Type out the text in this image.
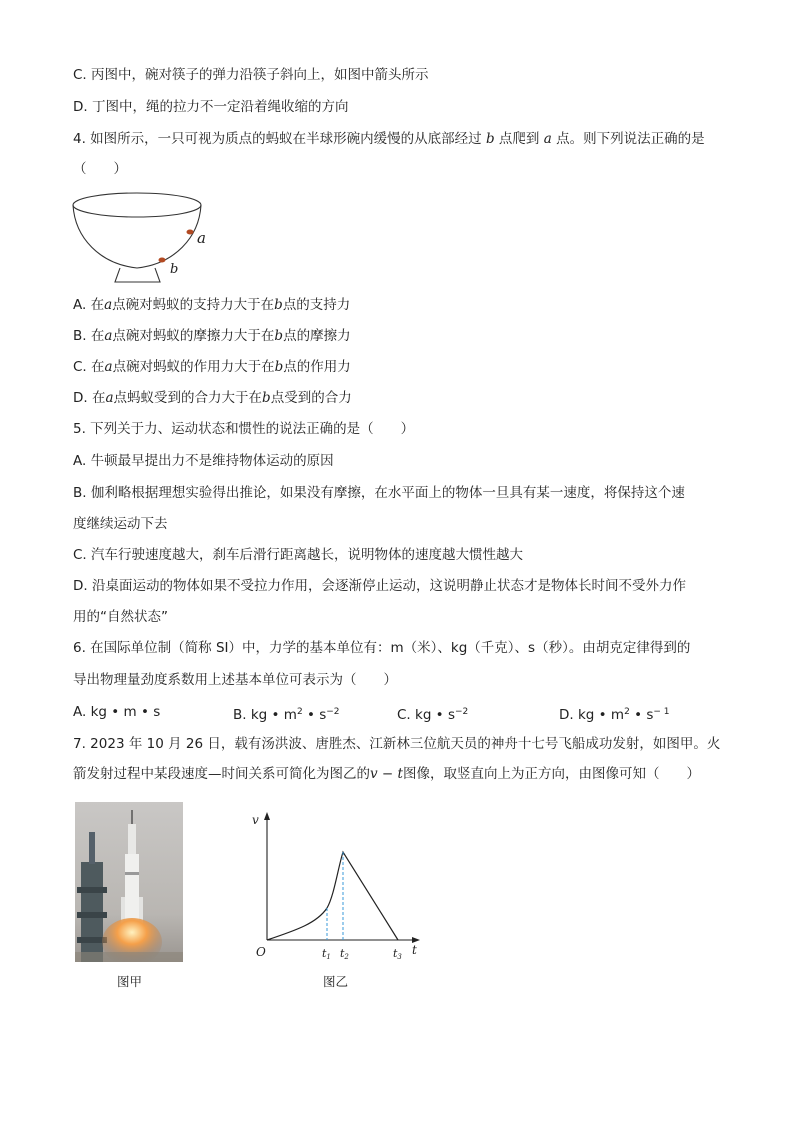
C. 丙图中，碗对筷子的弹力沿筷子斜向上，如图中箭头所示
D. 丁图中，绳的拉力不一定沿着绳收缩的方向
4. 如图所示，一只可视为质点的蚂蚁在半球形碗内缓慢的从底部经过 b 点爬到 a 点。则下列说法正确的是
（　　）
a
b
A. 在a点碗对蚂蚁的支持力大于在b点的支持力
B. 在a点碗对蚂蚁的摩擦力大于在b点的摩擦力
C. 在a点碗对蚂蚁的作用力大于在b点的作用力
D. 在a点蚂蚁受到的合力大于在b点受到的合力
5. 下列关于力、运动状态和惯性的说法正确的是（　　）
A. 牛顿最早提出力不是维持物体运动的原因
B. 伽利略根据理想实验得出推论，如果没有摩擦，在水平面上的物体一旦具有某一速度，将保持这个速
度继续运动下去
C. 汽车行驶速度越大，刹车后滑行距离越长，说明物体的速度越大惯性越大
D. 沿桌面运动的物体如果不受拉力作用，会逐渐停止运动，这说明静止状态才是物体长时间不受外力作
用的“自然状态”
6. 在国际单位制（简称 SI）中，力学的基本单位有：m（米）、kg（千克）、s（秒）。由胡克定律得到的
导出物理量劲度系数用上述基本单位可表示为（　　）
A. kg • m • s	B. kg • $m^2$ • $s^{-2}$	C. kg • $s^{-2}$	D. kg • $m^2$ • $s^{- 1}$
7. 2023 年 10 月 26 日，载有汤洪波、唐胜杰、江新林三位航天员的神舟十七号飞船成功发射，如图甲。火
箭发射过程中某段速度—时间关系可简化为图乙的v − t图像，取竖直向上为正方向，由图像可知（　　）
图甲
v
t
O	t1 t2	t3
图乙
